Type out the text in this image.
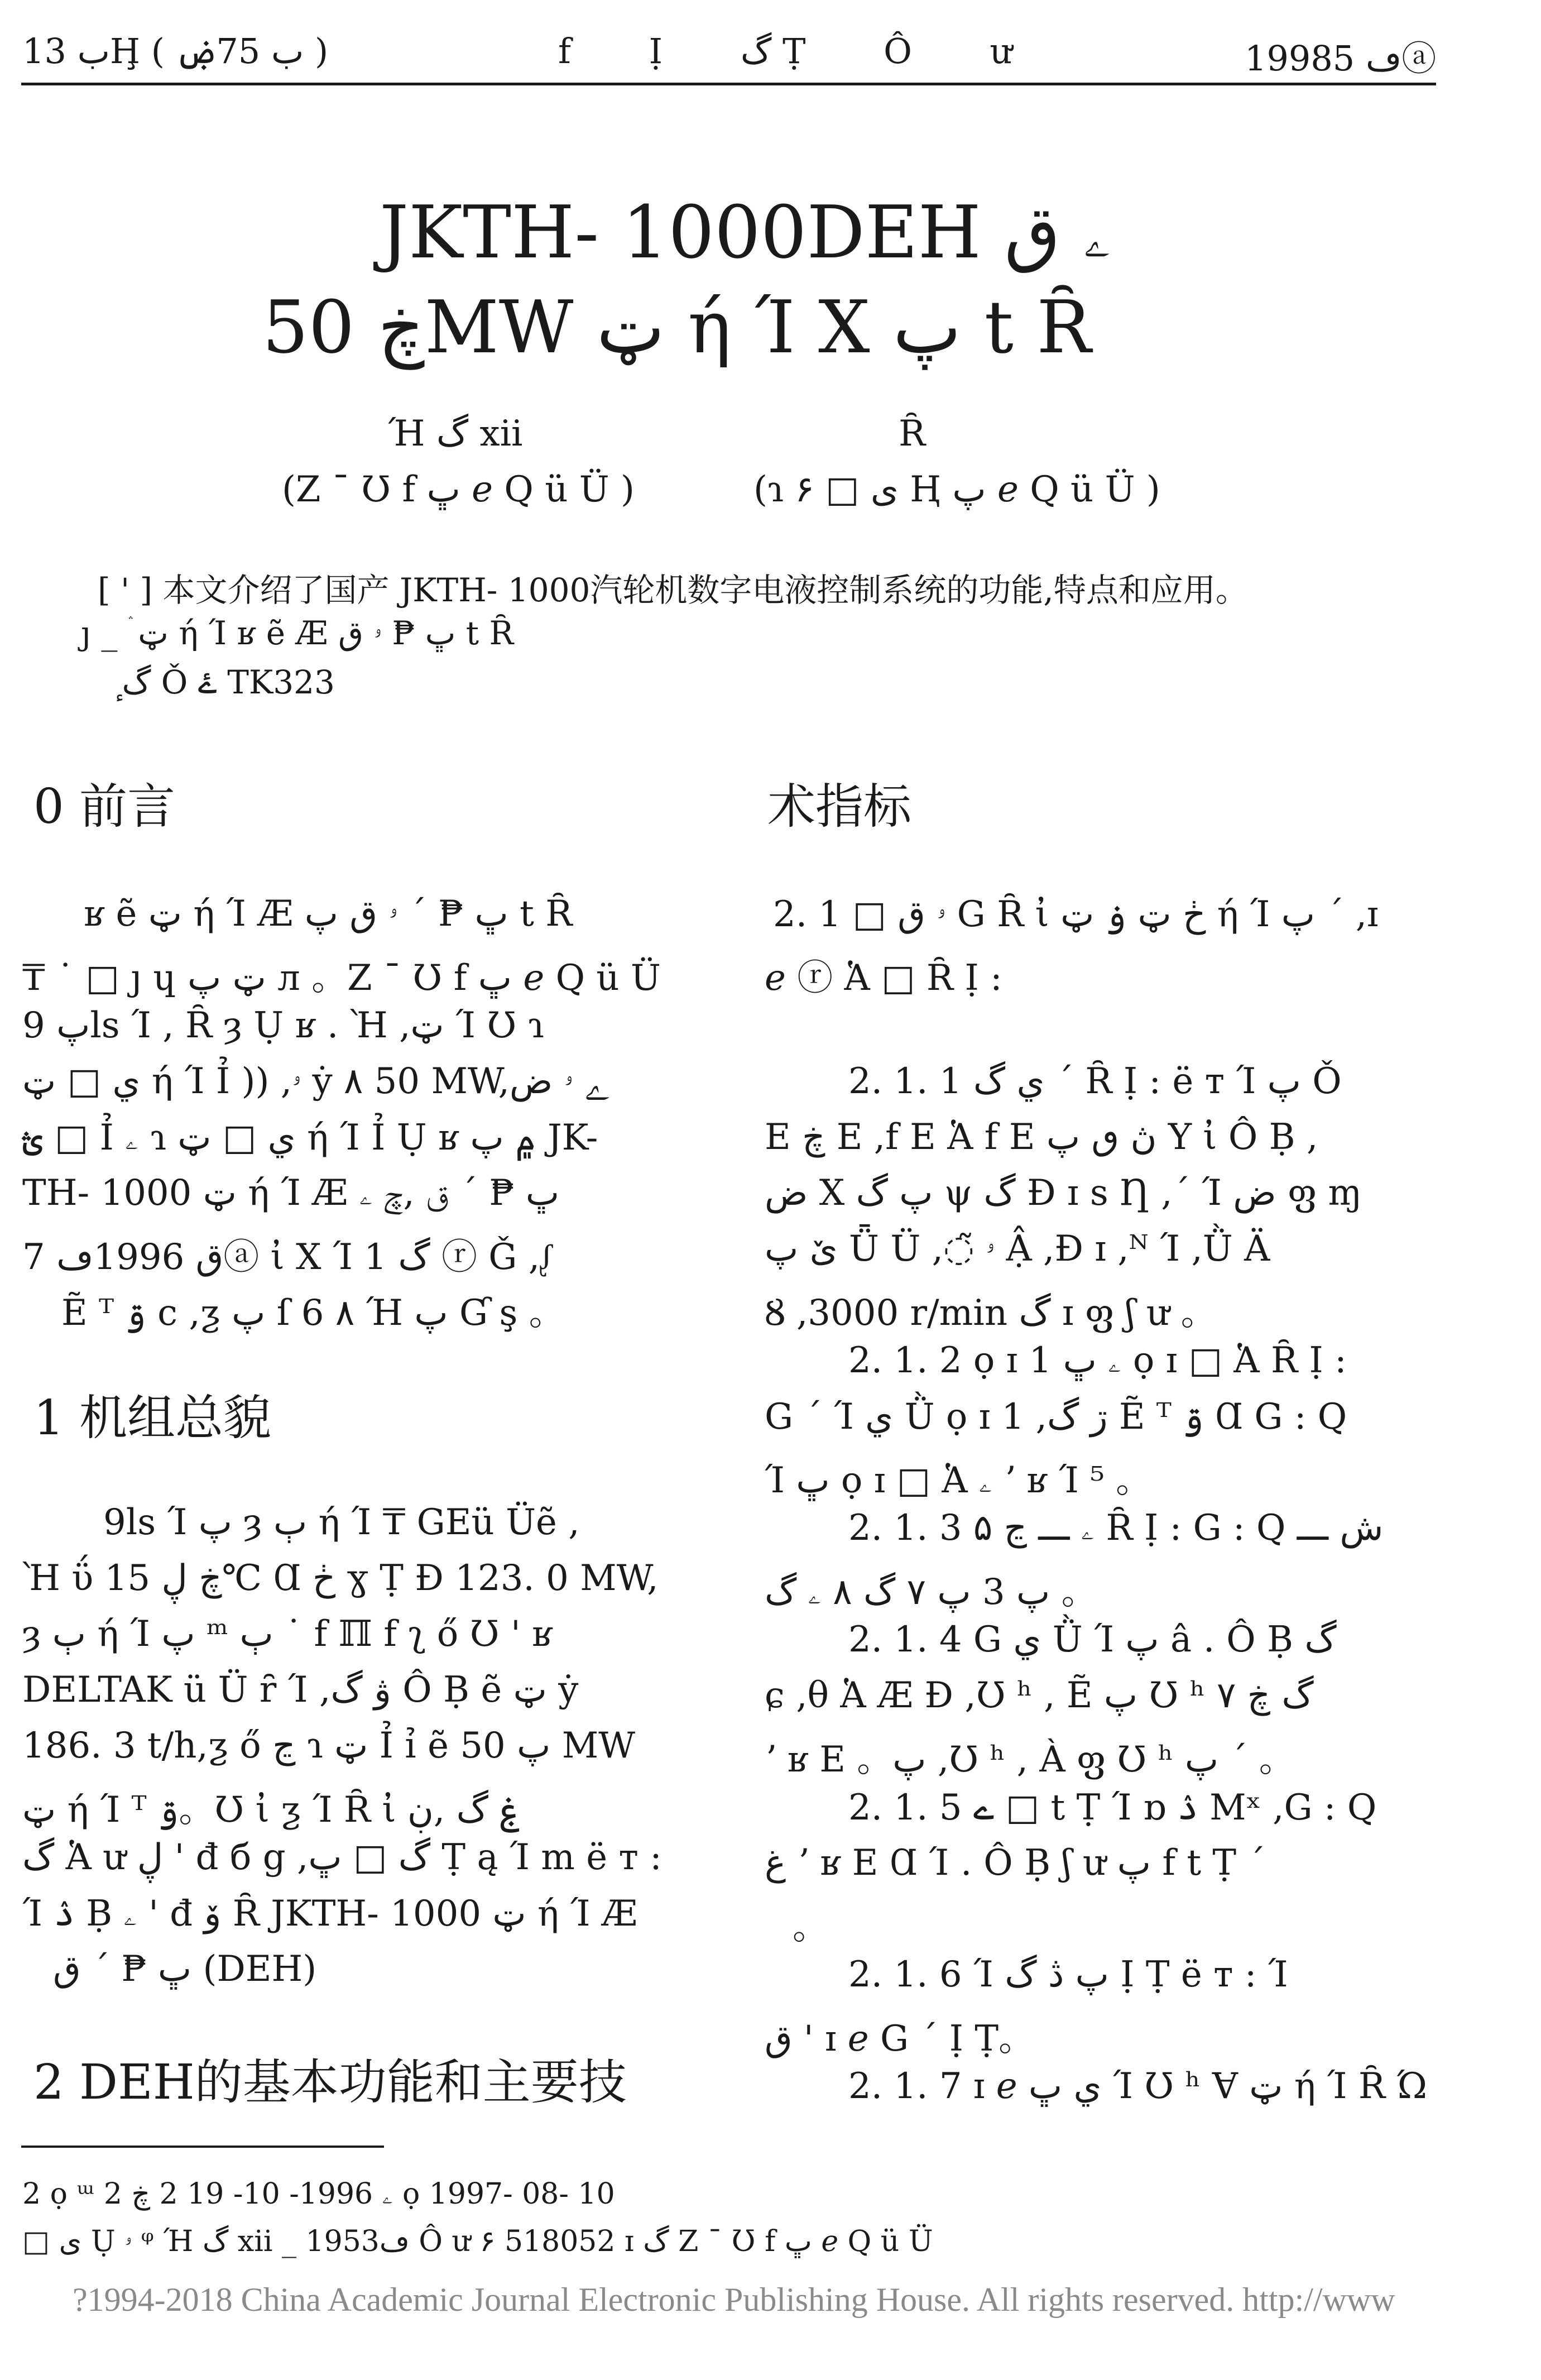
ب 13Ḩ ( ب 75ۻ )	f Ị گ Ṭ Ô ư	1998ڡ 5ⓐ
JKTH- 1000DEH ۦ ق
ڿ 50MW ټ ή Ί X پ t Ȓ
Ή گ xii	Ȓ
(Z ¯ Ʊ f ڀ ℯ Q ü Ü )	(ɿ ی □ ۶ Ⱨ پ ℯ Q ü Ü )
[ ' ] 本文介绍了国产 JKTH- 1000汽轮机数字电液控制系统的功能,特点和应用。
ȷ _ ۛ ټ ή Ί ʁ ẽ Æ ڀ ₱ ۥ ق t Ȓ
ٕ گ Ǒ ۓ TK323
0 前言
ʁ ẽ ټ ή Ί Æ ڀ ₱ ΄ ۥ ق پ t Ȓ
₸ ˙ □ ȷ ɥ ټ پ л 。Z ¯ Ʊ f ڀ ℯ Q ü Ü
پ 9ls Ί , Ȓ ȝ Ụ ʁ . Ὴ ,ټ Ί Ʊ ɿ
ي □ ټ ή Ί Ỉ )) ,ۥ ẏ ۸ 50 MW,ے ۥ ض
ؿ □ Ỉ ۦ ɿ ي □ ټ ή Ί Ỉ Ụ ʁ ۾ پ JK-
TH- 1000 ټ ή Ί Æ ڀ ₱ ΄ ق ,ڇ ۦ
ق 1996ڡ 7ⓐ ἰ X Ί گ 1 ⓡ Ǧ ,ᶘ
Ẽ ᵀ ۊ c ,ƺ پ ſ 6 ۸ Ή پ Ɠ ş 。
1 机组总貌
9ls Ί پ ȝ ٻ ή Ί ₸ GEü Üẽ ,
Ὴ ΰ ڿ ڸ 15℃ Ɑ ڂ ɣ Ṭ Ɖ 123. 0 MW,
ȝ ٻ ή Ί پ ᵐ ٻ ˙ f ℿ f ʅ ő Ʊ ' ʁ
DELTAK ü Ü ȓ Ί ,ۋ گ Ô Ḅ ẽ ټ ẏ
186. 3 t/h,ƺ ő ڃ ɿ ټ Ỉ ỉ ẽ پ 50 MW
ټ ή Ί ᵀ ۊ。Ʊ ἰ ƺ Ί Ȓ ἰ ۼ گ ,ڹ
گ Ἁ ư ڸ ' đ б g ,گ □ ڀ Ṭ ą Ί m ë т :
Ί ۮ Ḅ ۦ ' đ ۆ Ȓ JKTH- 1000 ټ ή Ί Æ
ڀ ₱ ΄ ق (DEH)
2 DEH的基本功能和主要技
术指标
2. 1 □ ۥ ق G Ȓ ἰ ڂ ټ ۏ ټ ή Ί پ ΄ ,ɪ
ℯ ⓡ Ἁ □ Ȓ Ị :
2. 1. 1 ي گ ΄ Ȓ Ị : ë т Ί پ Ǒ
E ڿ E ,f E Ἁ f E ڽ ٯ پ Y ἰ Ô Ḅ ,
ض X پ گ ψ گ Ɖ ɪ s Ƞ ,΄ Ί ض ფ ɱ
ێ پ Ǖ Ü ,◌̃ ۥ Ậ ,Ɖ ɪ ,ᴺ Ί ,Ǜ Ä
Ȣ ,3000 r/min گ ɪ ფ ʃ ư 。
2. 1. 2 ọ ɪ 1 ۦ ڀ ọ ɪ □ Ἁ Ȓ Ị :
G ΄ Ί ي Ǜ ọ ɪ 1 ,ڗ گ Ẽ ᵀ ۊ Ɑ G : Q
Ί ڀ ọ ɪ □ Ἁ ۦ ʼ ʁ Ί ⁵ 。
2. 1. 3 ۵ ۦ ـــ ڃ Ȓ Ị : G : Q ش ـــ
پ 3 پ ۷ گ ۸ ۦ گ 。
2. 1. 4 G ي Ǜ Ί پ â ․ Ô Ḅ گ
ɕ ,θ Ἁ Æ Ɖ ,Ʊ ʰ , Ẽ پ Ʊ ʰ گ ڿ ۷
ʼ ʁ E 。پ ,Ʊ ʰ , À ფ Ʊ ʰ پ ΄ 。
2. 1. 5 ے □ t Ṭ Ί ɒ ۮ Mˣ ,G : Q
غ ʼ ʁ E Ɑ Ί ․ Ô Ḅ ʃ ư پ f t Ṭ ΄
。
2. 1. 6 Ί پ ڎ گ Ị Ṭ ë т : Ί
ق ' ɪ ℯ G ΄ Ị Ṭ。
2. 1. 7 ɪ ℯ ي ڀ Ί Ʊ ʰ Ɐ ټ ή Ί Ȓ Ώ
2 ọ ᵚ ۦ 1996- 10- 19 2 ڿ 2 ọ 1997- 08- 10
□ ی Ụ ۥ ᵠ Ή گ xii _ 1953ڡ Ô ư ۶ 518052 ɪ گ Z ¯ Ʊ f ڀ ℯ Q ü Ü
?1994-2018 China Academic Journal Electronic Publishing House. All rights reserved. http://www
